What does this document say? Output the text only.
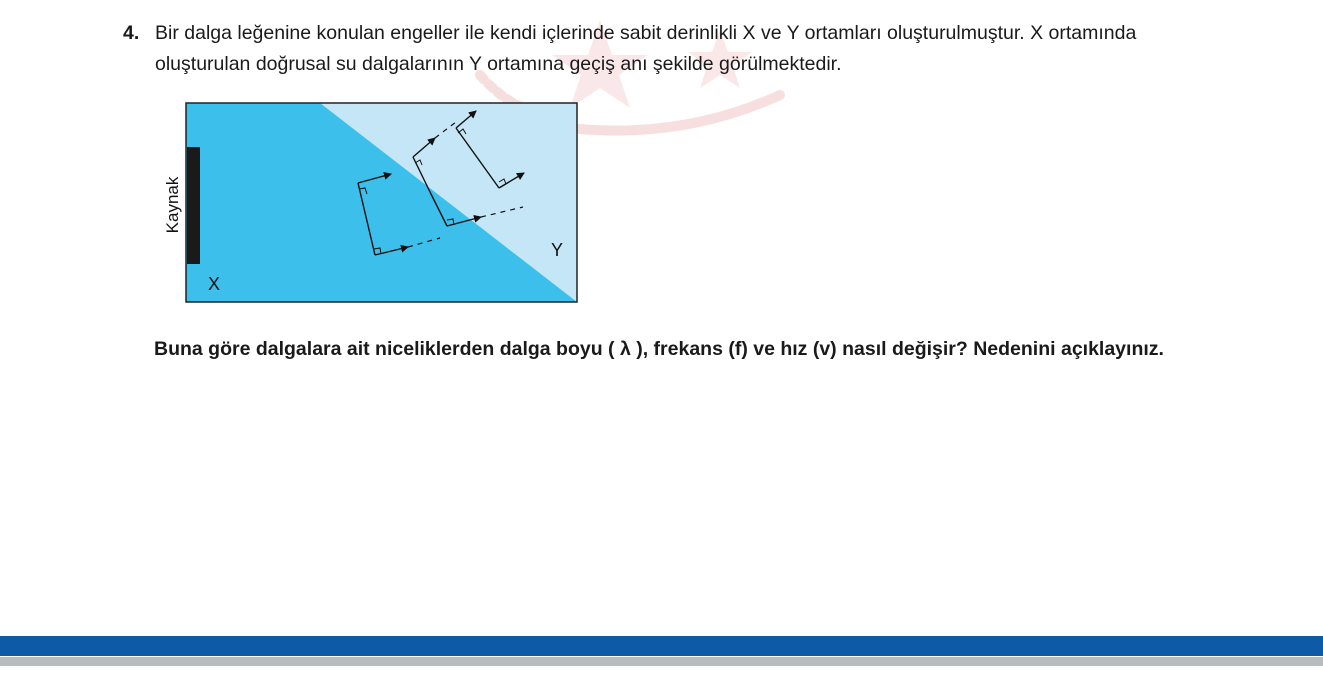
4. Bir dalga leğenine konulan engeller ile kendi içlerinde sabit derinlikli X ve Y ortamları oluşturulmuştur. X ortamında oluşturulan doğrusal su dalgalarının Y ortamına geçiş anı şekilde görülmektedir.
Kaynak
X
Y
Buna göre dalgalara ait niceliklerden dalga boyu ( λ ), frekans (f) ve hız (v) nasıl değişir? Nedenini açıklayınız.
